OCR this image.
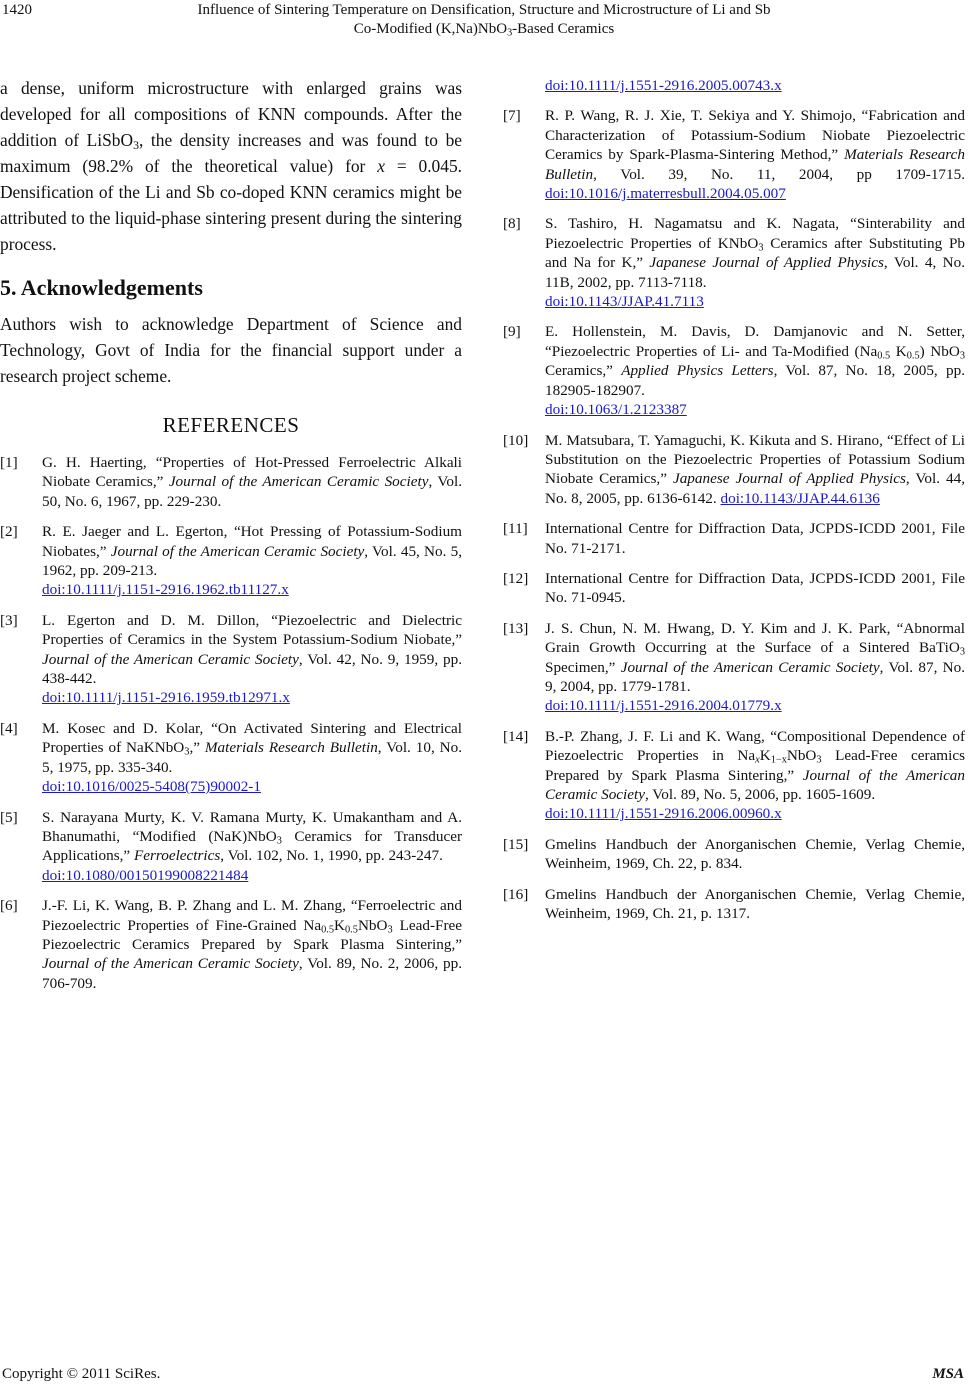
1420	Influence of Sintering Temperature on Densification, Structure and Microstructure of Li and Sb
Co-Modified (K,Na)NbO$_3$-Based Ceramics

a dense, uniform microstructure with enlarged grains was developed for all compositions of KNN compounds. After the addition of LiSbO$_3$, the density increases and was found to be maximum (98.2% of the theoretical value) for x = 0.045. Densification of the Li and Sb co-doped KNN ceramics might be attributed to the liquid-phase sintering present during the sintering process.

5. Acknowledgements

Authors wish to acknowledge Department of Science and Technology, Govt of India for the financial support under a research project scheme.

REFERENCES
[1]	G. H. Haerting, “Properties of Hot-Pressed Ferroelectric Alkali Niobate Ceramics,” Journal of the American Ceramic Society, Vol. 50, No. 6, 1967, pp. 229-230.
[2]	R. E. Jaeger and L. Egerton, “Hot Pressing of Potassium-Sodium Niobates,” Journal of the American Ceramic Society, Vol. 45, No. 5, 1962, pp. 209-213.
doi:10.1111/j.1151-2916.1962.tb11127.x
[3]	L. Egerton and D. M. Dillon, “Piezoelectric and Dielectric Properties of Ceramics in the System Potassium-Sodium Niobate,” Journal of the American Ceramic Society, Vol. 42, No. 9, 1959, pp. 438-442.
doi:10.1111/j.1151-2916.1959.tb12971.x
[4]	M. Kosec and D. Kolar, “On Activated Sintering and Electrical Properties of NaKNbO$_3$,” Materials Research Bulletin, Vol. 10, No. 5, 1975, pp. 335-340.
doi:10.1016/0025-5408(75)90002-1
[5]	S. Narayana Murty, K. V. Ramana Murty, K. Umakantham and A. Bhanumathi, “Modified (NaK)NbO$_3$ Ceramics for Transducer Applications,” Ferroelectrics, Vol. 102, No. 1, 1990, pp. 243-247.
doi:10.1080/00150199008221484
[6]	J.-F. Li, K. Wang, B. P. Zhang and L. M. Zhang, “Ferroelectric and Piezoelectric Properties of Fine-Grained $Na_{0.5}K_{0.5}NbO_3$ Lead-Free Piezoelectric Ceramics Prepared by Spark Plasma Sintering,” Journal of the American Ceramic Society, Vol. 89, No. 2, 2006, pp. 706-709.
doi:10.1111/j.1551-2916.2005.00743.x
[7]	R. P. Wang, R. J. Xie, T. Sekiya and Y. Shimojo, “Fabrication and Characterization of Potassium-Sodium Niobate Piezoelectric Ceramics by Spark-Plasma-Sintering Method,” Materials Research Bulletin, Vol. 39, No. 11, 2004, pp 1709-1715. doi:10.1016/j.materresbull.2004.05.007
[8]	S. Tashiro, H. Nagamatsu and K. Nagata, “Sinterability and Piezoelectric Properties of KNbO$_3$ Ceramics after Substituting Pb and Na for K,” Japanese Journal of Applied Physics, Vol. 4, No. 11B, 2002, pp. 7113-7118.
doi:10.1143/JJAP.41.7113
[9]	E. Hollenstein, M. Davis, D. Damjanovic and N. Setter, “Piezoelectric Properties of Li- and Ta-Modified ($Na_{0.5}$ $K_{0.5}$) NbO$_3$ Ceramics,” Applied Physics Letters, Vol. 87, No. 18, 2005, pp. 182905-182907.
doi:10.1063/1.2123387
[10]	M. Matsubara, T. Yamaguchi, K. Kikuta and S. Hirano, “Effect of Li Substitution on the Piezoelectric Properties of Potassium Sodium Niobate Ceramics,” Japanese Journal of Applied Physics, Vol. 44, No. 8, 2005, pp. 6136-6142. doi:10.1143/JJAP.44.6136
[11]	International Centre for Diffraction Data, JCPDS-ICDD 2001, File No. 71-2171.
[12]	International Centre for Diffraction Data, JCPDS-ICDD 2001, File No. 71-0945.
[13]	J. S. Chun, N. M. Hwang, D. Y. Kim and J. K. Park, “Abnormal Grain Growth Occurring at the Surface of a Sintered BaTiO$_3$ Specimen,” Journal of the American Ceramic Society, Vol. 87, No. 9, 2004, pp. 1779-1781.
doi:10.1111/j.1551-2916.2004.01779.x
[14]	B.-P. Zhang, J. F. Li and K. Wang, “Compositional Dependence of Piezoelectric Properties in $Na_xK_{1-x}NbO_3$ Lead-Free ceramics Prepared by Spark Plasma Sintering,” Journal of the American Ceramic Society, Vol. 89, No. 5, 2006, pp. 1605-1609.
doi:10.1111/j.1551-2916.2006.00960.x
[15]	Gmelins Handbuch der Anorganischen Chemie, Verlag Chemie, Weinheim, 1969, Ch. 22, p. 834.
[16]	Gmelins Handbuch der Anorganischen Chemie, Verlag Chemie, Weinheim, 1969, Ch. 21, p. 1317.
Copyright © 2011 SciRes.	MSA
